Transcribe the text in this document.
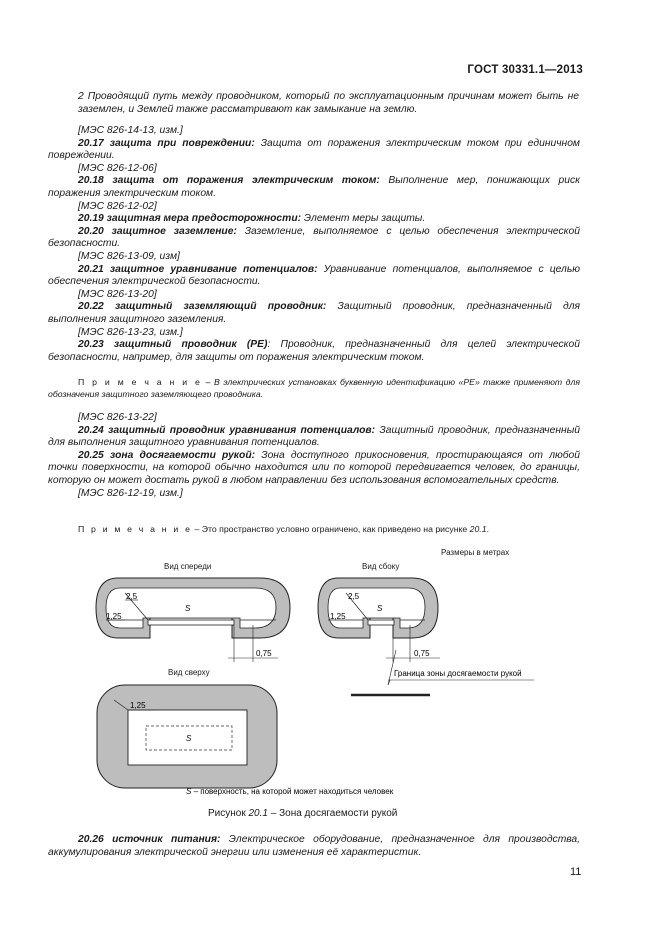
ГОСТ 30331.1—2013
2 Проводящий путь между проводником, который по эксплуатационным причинам может быть не заземлен, и Землей также рассматривают как замыкание на землю.
[МЭС 826-14-13, изм.]
20.17 защита при повреждении: Защита от поражения электрическим током при единичном повреждении.
[МЭС 826-12-06]
20.18 защита от поражения электрическим током: Выполнение мер, понижающих риск поражения электрическим током.
[МЭС 826-12-02]
20.19 защитная мера предосторожности: Элемент меры защиты.
20.20 защитное заземление: Заземление, выполняемое с целью обеспечения электрической безопасности.
[МЭС 826-13-09, изм]
20.21 защитное уравнивание потенциалов: Уравнивание потенциалов, выполняемое с целью обеспечения электрической безопасности.
[МЭС 826-13-20]
20.22 защитный заземляющий проводник: Защитный проводник, предназначенный для выполнения защитного заземления.
[МЭС 826-13-23, изм.]
20.23 защитный проводник (PE): Проводник, предназначенный для целей электрической безопасности, например, для защиты от поражения электрическим током.
П р и м е ч а н и е – В электрических установках буквенную идентификацию «PE» также применяют для обозначения защитного заземляющего проводника.
[МЭС 826-13-22]
20.24 защитный проводник уравнивания потенциалов: Защитный проводник, предназначенный для выполнения защитного уравнивания потенциалов.
20.25 зона досягаемости рукой: Зона доступного прикосновения, простирающаяся от любой точки поверхности, на которой обычно находится или по которой передвигается человек, до границы, которую он может достать рукой в любом направлении без использования вспомогательных средств.
[МЭС 826-12-19, изм.]
П р и м е ч а н и е – Это пространство условно ограничено, как приведено на рисунке 20.1.
Размеры в метрах
Вид спереди	Вид сбоку
Вид сверху
2,5
1,25
S
0,75
2,5
1,25
S
0,75
Граница зоны досягаемости рукой
1,25
S
S – поверхность, на которой может находиться человек
Рисунок 20.1 – Зона досягаемости рукой
20.26 источник питания: Электрическое оборудование, предназначенное для производства, аккумулирования электрической энергии или изменения её характеристик.
11
